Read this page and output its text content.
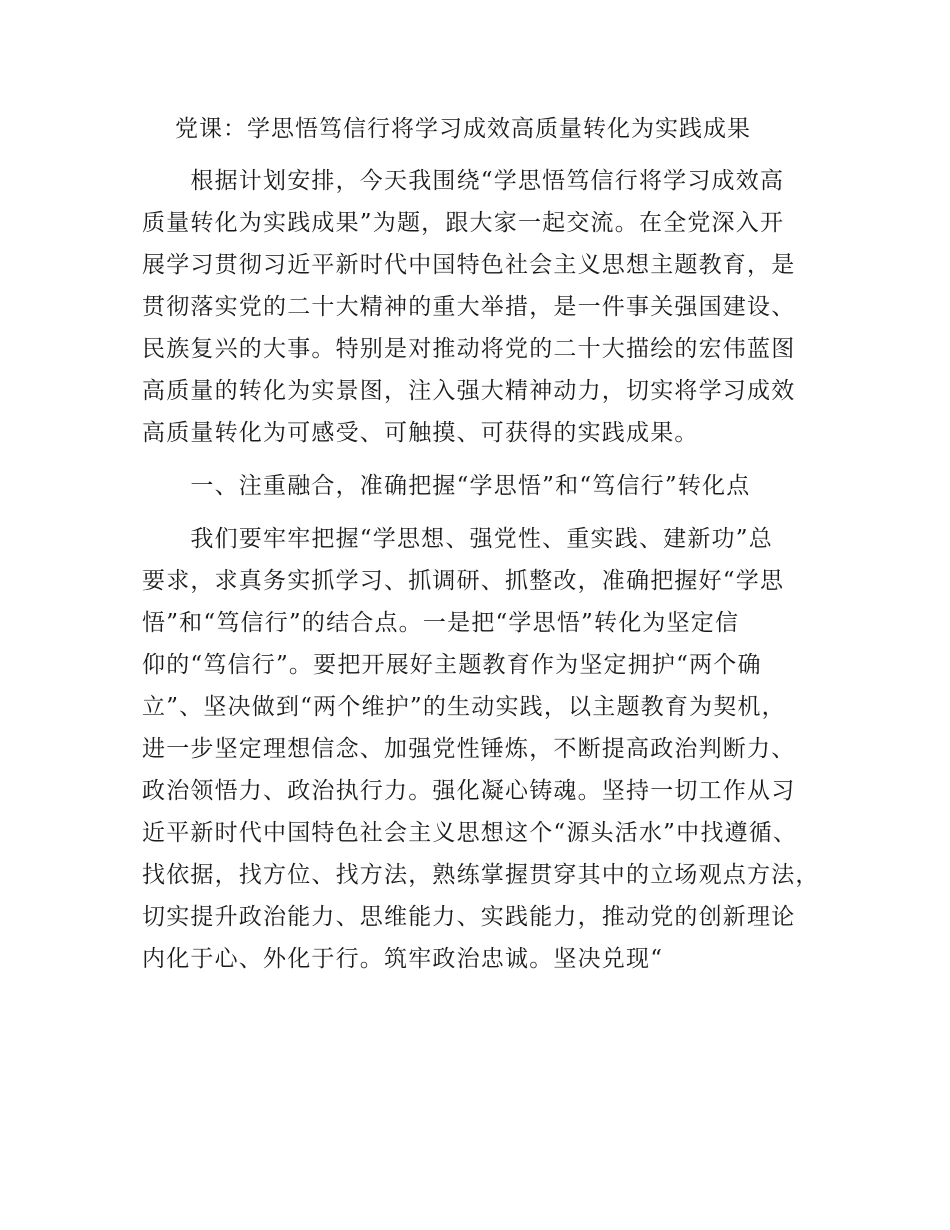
党课：学思悟笃信行将学习成效高质量转化为实践成果
　　根据计划安排，今天我围绕“学思悟笃信行将学习成效高
质量转化为实践成果”为题，跟大家一起交流。在全党深入开
展学习贯彻习近平新时代中国特色社会主义思想主题教育，是
贯彻落实党的二十大精神的重大举措，是一件事关强国建设、
民族复兴的大事。特别是对推动将党的二十大描绘的宏伟蓝图
高质量的转化为实景图，注入强大精神动力，切实将学习成效
高质量转化为可感受、可触摸、可获得的实践成果。
　　一、注重融合，准确把握“学思悟”和“笃信行”转化点
　　我们要牢牢把握“学思想、强党性、重实践、建新功”总
要求，求真务实抓学习、抓调研、抓整改，准确把握好“学思
悟”和“笃信行”的结合点。一是把“学思悟”转化为坚定信
仰的“笃信行”。要把开展好主题教育作为坚定拥护“两个确
立”、坚决做到“两个维护”的生动实践，以主题教育为契机，
进一步坚定理想信念、加强党性锤炼，不断提高政治判断力、
政治领悟力、政治执行力。强化凝心铸魂。坚持一切工作从习
近平新时代中国特色社会主义思想这个“源头活水”中找遵循、
找依据，找方位、找方法，熟练掌握贯穿其中的立场观点方法，
切实提升政治能力、思维能力、实践能力，推动党的创新理论
内化于心、外化于行。筑牢政治忠诚。坚决兑现“
